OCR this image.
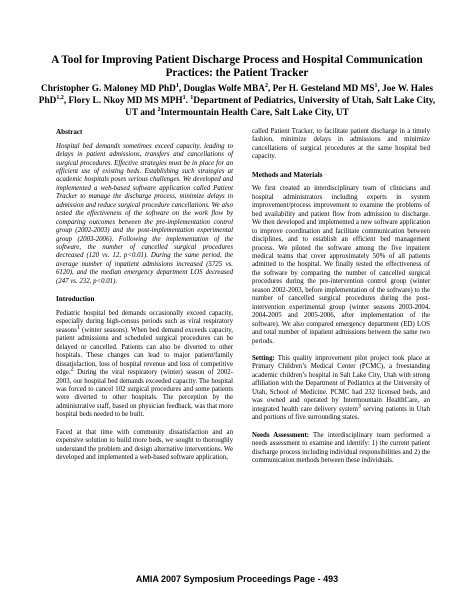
A Tool for Improving Patient Discharge Process and Hospital Communication Practices: the Patient Tracker
Christopher G. Maloney MD PhD$^1$, Douglas Wolfe MBA$^2$, Per H. Gesteland MD $MS^1$, Joe W. Hales PhD$^{1,2}$, Flory L. Nkoy MD MS MPH$^1$. $^1$Department of Pediatrics, University of Utah, Salt Lake City, UT and $^2$Intermountain Health Care, Salt Lake City, UT
Abstract

Hospital bed demands sometimes exceed capacity, leading to delays in patient admissions, transfers and cancellations of surgical procedures. Effective strategies must be in place for an efficient use of existing beds. Establishing such strategies at academic hospitals poses serious challenges. We developed and implemented a web-based software application called Patient Tracker to manage the discharge process, minimize delays in admission and reduce surgical procedure cancellations. We also tested the effectiveness of the software on the work flow by comparing outcomes between the pre-implementation control group (2002-2003) and the post-implementation experimental group (2003-2006). Following the implementation of the software, the number of cancelled surgical procedures decreased (120 vs. 12, p<0.01). During the same period, the average number of inpatient admissions increased (5725 vs. 6120), and the median emergency department LOS decreased (247 vs. 232, p<0.01).

Introduction

Pediatric hospital bed demands occasionally exceed capacity, especially during high-census periods such as viral respiratory seasons$^1$ (winter seasons). When bed demand exceeds capacity, patient admissions and scheduled surgical procedures can be delayed or cancelled. Patients can also be diverted to other hospitals. These changes can lead to major patient/family dissatisfaction, loss of hospital revenue and loss of competitive edge.$^2$ During the viral respiratory (winter) season of 2002-2003, our hospital bed demands exceeded capacity. The hospital was forced to cancel 102 surgical procedures and some patients were diverted to other hospitals. The perception by the administrative staff, based on physician feedback, was that more hospital beds needed to be built.

Faced at that time with community dissatisfaction and an expensive solution to build more beds, we sought to thoroughly understand the problem and design alternative interventions. We developed and implemented a web-based software application,

called Patient Tracker, to facilitate patient discharge in a timely fashion, minimize delays in admissions and minimize cancellations of surgical procedures at the same hospital bed capacity.

Methods and Materials

We first created an interdisciplinary team of clinicians and hospital administrators including experts in system improvement/process improvement to examine the problems of bed availability and patient flow from admission to discharge. We then developed and implemented a new software application to improve coordination and facilitate communication between disciplines, and to establish an efficient bed management process. We piloted the software among the five inpatient medical teams that cover approximately 50% of all patients admitted to the hospital. We finally tested the effectiveness of the software by comparing the number of cancelled surgical procedures during the pre-intervention control group (winter season 2002-2003, before implementation of the software) to the number of cancelled surgical procedures during the post-intervention experimental group (winter seasons 2003-2004, 2004-2005 and 2005-2006, after implementation of the software). We also compared emergency department (ED) LOS and total number of inpatient admissions between the same two periods.

Setting: This quality improvement pilot project took place at Primary Children’s Medical Center (PCMC), a freestanding academic children’s hospital in Salt Lake City, Utah with strong affiliation with the Department of Pediatrics at the University of Utah, School of Medicine. PCMC had 232 licensed beds, and was owned and operated by Intermountain HealthCare, an integrated health care delivery system$^3$ serving patients in Utah and portions of five surrounding states.

Needs Assessment: The interdisciplinary team performed a needs assessment to examine and identify: 1) the current patient discharge process including individual responsibilities and 2) the communication methods between these individuals.

AMIA 2007 Symposium Proceedings Page - 493
